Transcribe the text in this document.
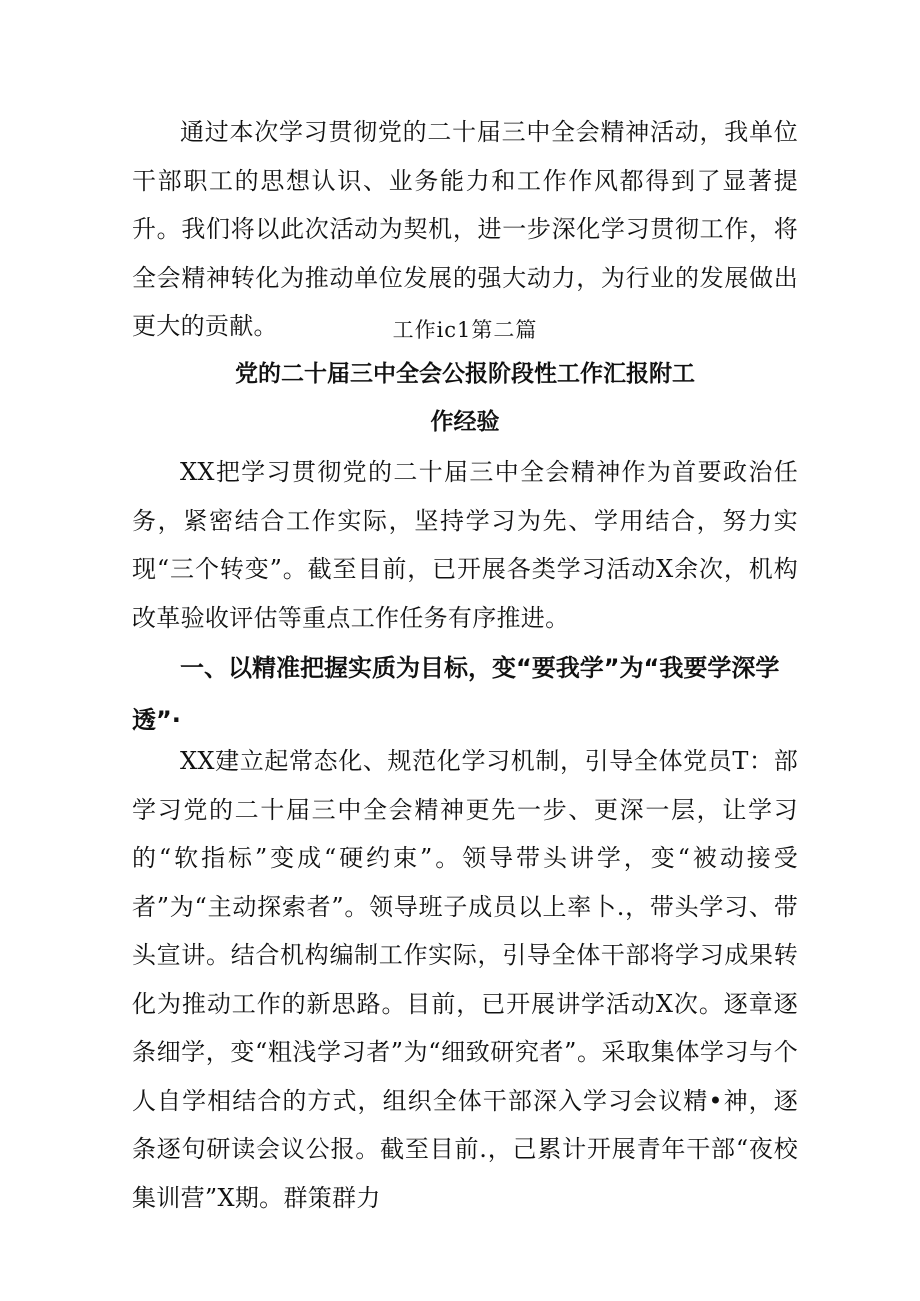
通过本次学习贯彻党的二十届三中全会精神活动，我单位干部职工的思想认识、业务能力和工作作风都得到了显著提升。我们将以此次活动为契机，进一步深化学习贯彻工作，将全会精神转化为推动单位发展的强大动力，为行业的发展做出更大的贡献。	工作ic1第二篇

党的二十届三中全会公报阶段性工作汇报附工

作经验

XX把学习贯彻党的二十届三中全会精神作为首要政治任务，紧密结合工作实际，坚持学习为先、学用结合，努力实现“三个转变”。截至目前，已开展各类学习活动X余次，机构改革验收评估等重点工作任务有序推进。

一、以精准把握实质为目标，变“要我学”为“我要学深学透”·

XX建立起常态化、规范化学习机制，引导全体党员T：部学习党的二十届三中全会精神更先一步、更深一层，让学习的“软指标”变成“硬约束”。领导带头讲学，变“被动接受者”为“主动探索者”。领导班子成员以上率卜.，带头学习、带头宣讲。结合机构编制工作实际，引导全体干部将学习成果转化为推动工作的新思路。目前，已开展讲学活动X次。逐章逐条细学，变“粗浅学习者”为“细致研究者”。采取集体学习与个人自学相结合的方式，组织全体干部深入学习会议精•神，逐条逐句研读会议公报。截至目前.，己累计开展青年干部“夜校集训营”X期。群策群力
